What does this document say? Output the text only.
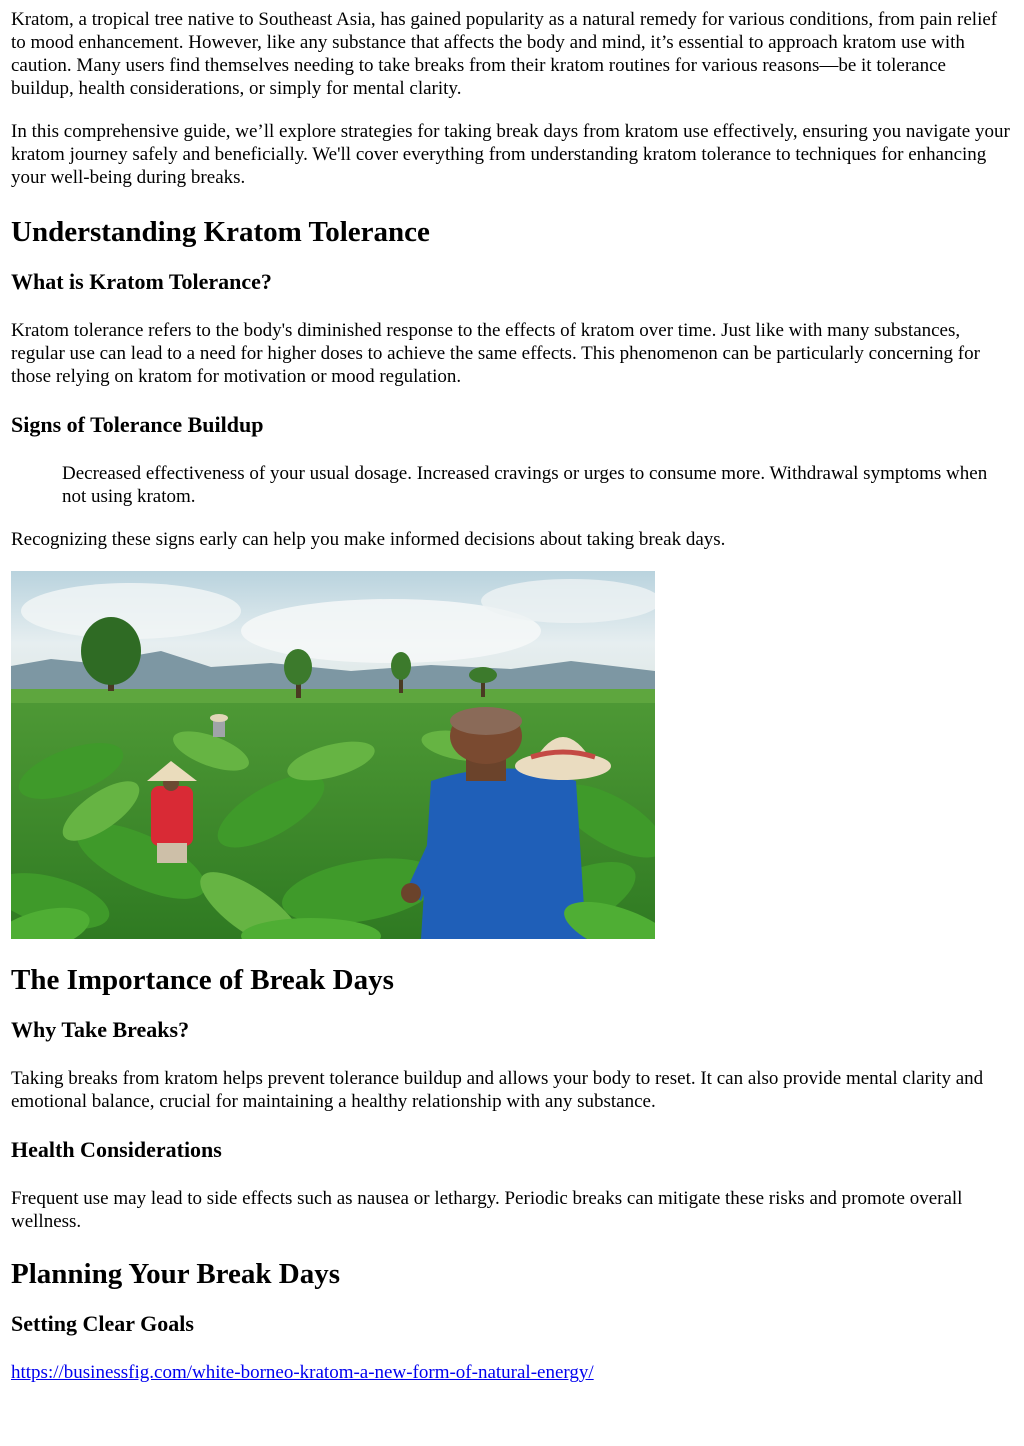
Kratom, a tropical tree native to Southeast Asia, has gained popularity as a natural remedy for various conditions, from pain relief to mood enhancement. However, like any substance that affects the body and mind, it’s essential to approach kratom use with caution. Many users find themselves needing to take breaks from their kratom routines for various reasons—be it tolerance buildup, health considerations, or simply for mental clarity.

In this comprehensive guide, we’ll explore strategies for taking break days from kratom use effectively, ensuring you navigate your kratom journey safely and beneficially. We'll cover everything from understanding kratom tolerance to techniques for enhancing your well-being during breaks.

Understanding Kratom Tolerance
What is Kratom Tolerance?

Kratom tolerance refers to the body's diminished response to the effects of kratom over time. Just like with many substances, regular use can lead to a need for higher doses to achieve the same effects. This phenomenon can be particularly concerning for those relying on kratom for motivation or mood regulation.

Signs of Tolerance Buildup
Decreased effectiveness of your usual dosage. Increased cravings or urges to consume more. Withdrawal symptoms when not using kratom.

Recognizing these signs early can help you make informed decisions about taking break days.

The Importance of Break Days
Why Take Breaks?

Taking breaks from kratom helps prevent tolerance buildup and allows your body to reset. It can also provide mental clarity and emotional balance, crucial for maintaining a healthy relationship with any substance.

Health Considerations

Frequent use may lead to side effects such as nausea or lethargy. Periodic breaks can mitigate these risks and promote overall wellness.

Planning Your Break Days
Setting Clear Goals
https://businessfig.com/white-borneo-kratom-a-new-form-of-natural-energy/
